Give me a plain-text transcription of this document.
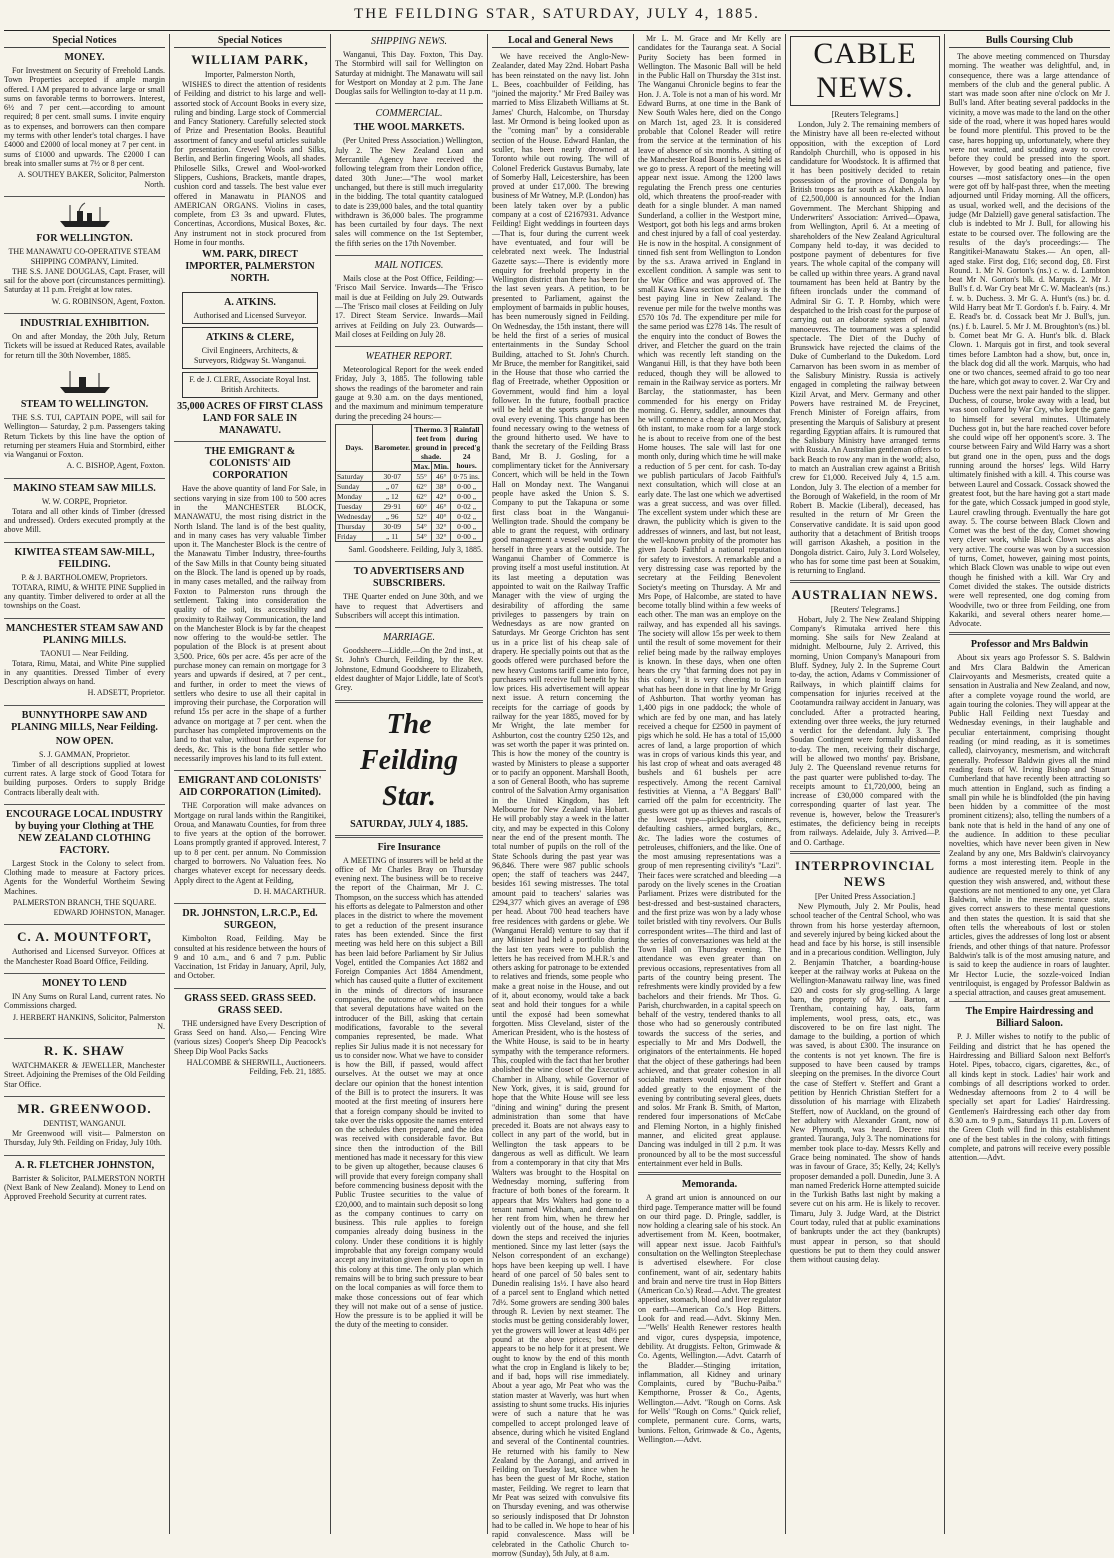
THE FEILDING STAR, SATURDAY, JULY 4, 1885.
Special Notices
MONEY.

For Investment on Security of Freehold Lands. Town Properties accepted if ample margin offered. I AM prepared to advance large or small sums on favorable terms to borrowers. Interest, 6½ and 7 per cent.—according to amount required; 8 per cent. small sums. I invite enquiry as to expenses, and borrowers can then compare my terms with other lender's total charges. I have £4000 and £2000 of local money at 7 per cent. in sums of £1000 and upwards. The £2000 I can break into smaller sums at 7½ or 8 per cent.

A. SOUTHEY BAKER, Solicitor, Palmerston North.
FOR WELLINGTON.
THE MANAWATU CO-OPERATIVE STEAM SHIPPING COMPANY, Limited.

THE S.S. JANE DOUGLAS, Capt. Fraser, will sail for the above port (circumstances permitting). Saturday at 11 p.m. Freight at low rates.

W. G. ROBINSON, Agent, Foxton.
INDUSTRIAL EXHIBITION.

On and after Monday, the 20th July, Return Tickets will be issued at Reduced Rates, available for return till the 30th November, 1885.

STEAM TO WELLINGTON.

THE S.S. TUI, CAPTAIN POPE, will sail for Wellington— Saturday, 2 p.m. Passengers taking Return Tickets by this line have the option of returning per steamers Huia and Stormbird, either via Wanganui or Foxton.

A. C. BISHOP, Agent, Foxton.
MAKINO STEAM SAW MILLS.
W. W. CORPE, Proprietor.

Totara and all other kinds of Timber (dressed and undressed). Orders executed promptly at the above Mill.

KIWITEA STEAM SAW-MILL, FEILDING.
P. & J. BARTHOLOMEW, Proprietors.

TOTARA, RIMU, & WHITE PINE Supplied in any quantity. Timber delivered to order at all the townships on the Coast.

MANCHESTER STEAM SAW AND PLANING MILLS.
TAONUI — Near Feilding.

Totara, Rimu, Matai, and White Pine supplied in any quantities. Dressed Timber of every Description always on hand.

H. ADSETT, Proprietor.
BUNNYTHORPE SAW AND PLANING MILLS, Near Feilding.
NOW OPEN.
S. J. GAMMAN, Proprietor.

Timber of all descriptions supplied at lowest current rates. A large stock of Good Totara for building purposes. Orders to supply Bridge Contracts liberally dealt with.

ENCOURAGE LOCAL INDUSTRY by buying your Clothing at THE NEW ZEALAND CLOTHING FACTORY.

Largest Stock in the Colony to select from. Clothing made to measure at Factory prices. Agents for the Wonderful Wortheim Sewing Machines.

PALMERSTON BRANCH, THE SQUARE.
EDWARD JOHNSTON, Manager.
C. A. MOUNTFORT,

Authorised and Licensed Surveyor. Offices at the Manchester Road Board Office, Feilding.

MONEY TO LEND

IN Any Sums on Rural Land, current rates. No Commissions charged.

J. HERBERT HANKINS, Solicitor, Palmerston N.
R. K. SHAW

WATCHMAKER & JEWELLER, Manchester Street. Adjoining the Premises of the Old Feilding Star Office.

MR. GREENWOOD.
DENTIST, WANGANUI.

Mr Greenwood will visit— Palmerston on Thursday, July 9th. Feilding on Friday, July 10th.

A. R. FLETCHER JOHNSTON,

Barrister & Solicitor, PALMERSTON NORTH (Next Bank of New Zealand). Money to Lend on Approved Freehold Security at current rates.

Special Notices
WILLIAM PARK,
Importer, Palmerston North,

WISHES to direct the attention of residents of Feilding and district to his large and well-assorted stock of Account Books in every size, ruling and binding. Large stock of Commercial and Fancy Stationery. Carefully selected stock of Prize and Presentation Books. Beautiful assortment of fancy and useful articles suitable for presentation. Crewel Wools and Silks, Berlin, and Berlin fingering Wools, all shades. Philoselle Silks, Crewel and Wool-worked Slippers, Cushions, Brackets, mantle drapes, cushion cord and tassels. The best value ever offered in Manawatu in PIANOS and AMERICAN ORGANS. Violins in cases, complete, from £3 3s and upward. Flutes, Concertinas, Accordions, Musical Boxes, &c. Any instrument not in stock procured from Home in four months.

WM. PARK, DIRECT IMPORTER, PALMERSTON NORTH.
A. ATKINS.
Authorised and Licensed Surveyor.
ATKINS & CLERE,
Civil Engineers, Architects, & Surveyors, Ridgway St. Wanganui.
F. de J. CLERE, Associate Royal Inst. British Architects.
35,000 ACRES OF FIRST CLASS LAND FOR SALE IN MANAWATU.
THE EMIGRANT & COLONISTS' AID CORPORATION

Have the above quantity of land For Sale, in sections varying in size from 100 to 500 acres in the MANCHESTER BLOCK, MANAWATU, the most rising district in the North Island. The land is of the best quality, and in many cases has very valuable Timber upon it. The Manchester Block is the centre of the Manawatu Timber Industry, three-fourths of the Saw Mills in that County being situated on the Block. The land is opened up by roads, in many cases metalled, and the railway from Foxton to Palmerston runs through the settlement. Taking into consideration the quality of the soil, its accessibility and proximity to Railway Communication, the land on the Manchester Block is by far the cheapest now offering to the would-be settler. The population of the Block is at present about 3,500. Price, 60s per acre. 45s per acre of the purchase money can remain on mortgage for 3 years and upwards if desired, at 7 per cent., and further, in order to meet the views of settlers who desire to use all their capital in improving their purchase, the Corporation will refund 15s per acre in the shape of a further advance on mortgage at 7 per cent. when the purchaser has completed improvements on the land to that value, without further expense for deeds, &c. This is the bona fide settler who necessarily improves his land to its full extent.

EMIGRANT AND COLONISTS' AID CORPORATION (Limited).

THE Corporation will make advances on Mortgage on rural lands within the Rangitikei, Oroua, and Manawatu Counties, for from three to five years at the option of the borrower. Loans promptly granted if approved. Interest, 7 up to 8 per cent. per annum. No Commission charged to borrowers. No Valuation fees. No charges whatever except for necessary deeds. Apply direct to the Agent at Feilding,

D. H. MACARTHUR.
DR. JOHNSTON, L.R.C.P., Ed. SURGEON,

Kimbolton Road, Feilding. May be consulted at his residence between the hours of 9 and 10 a.m., and 6 and 7 p.m. Public Vaccination, 1st Friday in January, April, July, and October.

GRASS SEED. GRASS SEED. GRASS SEED.

THE undersigned have Every Description of Grass Seed on hand. Also,— Fencing Wire (various sizes) Cooper's Sheep Dip Peacock's Sheep Dip Wool Packs Sacks

HALCOMBE & SHERWILL, Auctioneers. Feilding, Feb. 21, 1885.
SHIPPING NEWS.

Wanganui, This Day. Foxton, This Day. The Stormbird will sail for Wellington on Saturday at midnight. The Manawatu will sail for Westport on Monday at 2 p.m. The Jane Douglas sails for Wellington to-day at 11 p.m.

COMMERCIAL.
THE WOOL MARKETS.

(Per United Press Association.) Wellington, July 2. The New Zealand Loan and Mercantile Agency have received the following telegram from their London office, dated 30th June:—"The wool market unchanged, but there is still much irregularity in the bidding. The total quantity catalogued to date is 239,000 bales, and the total quantity withdrawn is 36,000 bales. The programme has been curtailed by four days. The next sales will commence on the 1st September, the fifth series on the 17th November.

MAIL NOTICES.

Mails close at the Post Office, Feilding:— 'Frisco Mail Service. Inwards—The 'Frisco mail is due at Feilding on July 29. Outwards—The 'Frisco mail closes at Feilding on July 17. Direct Steam Service. Inwards—Mail arrives at Feilding on July 23. Outwards—Mail closes at Feilding on July 28.

WEATHER REPORT.

Meteorological Report for the week ended Friday, July 3, 1885. The following table shows the readings of the barometer and rain gauge at 9.30 a.m. on the days mentioned, and the maximum and minimum temperature during the preceding 24 hours:—

Days.	Barometer.	Thermo. 3 feet from ground in shade.		Rainfall during preced'g 24 hours.
		Max.	Min.	
Saturday	30·07	55°	46°	0·75 ins.
Sunday	„ 07	62°	38°	0·00 „
Monday	„ 12	62°	42°	0·00 „
Tuesday	29·91	60°	46°	0·02 „
Wednesday	„ 96	52°	40°	0·02 „
Thursday	30·09	54°	32°	0·00 „
Friday	„ 11	54°	32°	0·00 „
Saml. Goodsheere. Feilding, July 3, 1885.
TO ADVERTISERS AND SUBSCRIBERS.

THE Quarter ended on June 30th, and we have to request that Advertisers and Subscribers will accept this intimation.

MARRIAGE.

Goodsheere—Liddle.—On the 2nd inst., at St. John's Church, Feilding, by the Rev. Johnstone, Edmund Goodsheere to Elizabeth, eldest daughter of Major Liddle, late of Scot's Grey.

The Feilding Star.
SATURDAY, JULY 4, 1885.
Fire Insurance

A MEETING of insurers will be held at the office of Mr Charles Bray on Thursday evening next. The business will be to receive the report of the Chairman, Mr J. C. Thompson, on the success which has attended his efforts as delegate to Palmerston and other places in the district to where the movement to get a reduction of the present insurance rates has been extended. Since the first meeting was held here on this subject a Bill has been laid before Parliament by Sir Julius Vogel, entitled the Companies Act 1882 and Foreign Companies Act 1884 Amendment, which has caused quite a flutter of excitement in the minds of directors of insurance companies, the outcome of which has been that several deputations have waited on the introducer of the Bill, asking that certain modifications, favorable to the several companies represented, be made. What replies Sir Julius made it is not necessary for us to consider now. What we have to consider is how the Bill, if passed, would affect ourselves. At the outset we may at once declare our opinion that the honest intention of the Bill is to protect the insurers. It was mooted at the first meeting of insurers here that a foreign company should be invited to take over the risks opposite the names entered on the schedules then prepared, and the idea was received with considerable favor. But since then the introduction of the Bill mentioned has made it necessary for this view to be given up altogether, because clauses 6 will provide that every foreign company shall before commencing business deposit with the Public Trustee securities to the value of £20,000, and to maintain such deposit so long as the company continues to carry on business. This rule applies to foreign companies already doing business in the colony. Under these conditions it is highly improbable that any foreign company would accept any invitation given from us to open in this colony at this time. The only plan which remains will be to bring such pressure to bear on the local companies as will force them to make those concessions out of fear which they will not make out of a sense of justice. How the pressure is to be applied it will be the duty of the meeting to consider.

Local and General News

We have received the Anglo-New-Zealander, dated May 22nd. Hobart Pasha has been reinstated on the navy list. John L. Bees, coachbuilder of Feilding, has "joined the majority." Mr Fred Bailey was married to Miss Elizabeth Williams at St. James' Church, Halcombe, on Thursday last. Mr Ormond is being looked upon as the "coming man" by a considerable section of the House. Edward Hanlan, the sculler, has been nearly drowned at Toronto while out rowing. The will of Colonel Frederick Gustavus Burnaby, late of Somerby Hall, Leicestershire, has been proved at under £17,000. The brewing business of Mr Watney, M.P. (London) has been lately taken over by a public company at a cost of £2167931. Advance Feilding! Eight weddings in fourteen days—That is, four during the current week have eventuated, and four will be celebrated next week. The Industrial Gazette says:—There is evidently more enquiry for freehold property in the Wellington district than there has been for the last seven years. A petition, to be presented to Parliament, against the employment of barmaids in public houses, has been numerously signed in Feilding. On Wednesday, the 15th instant, there will be held the first of a series of musical entertainments in the Sunday School Building, attached to St. John's Church. Mr Bruce, the member for Rangitikei, said in the House that those who carried the flag of Freetrade, whether Opposition or Government, would find him a loyal follower. In the future, football practice will be held at the sports ground on the oval every evening. This change has been found necessary owing to the wetness of the ground hitherto used. We have to thank the secretary of the Feilding Brass Band, Mr B. J. Gosling, for a complimentary ticket for the Anniversary Concert, which will be held in the Town Hall on Monday next. The Wanganui people have asked the Union S. S. Company to put the Takapuna or some first class boat in the Wanganui-Wellington trade. Should the company be able to grant the request, with ordinary good management a vessel would pay for herself in three years at the outside. The Wanganui Chamber of Commerce is proving itself a most useful institution. At its last meeting a deputation was appointed to wait on the Railway Traffic Manager with the view of urging the desirability of affording the same privileges to passengers by train on Wednesdays as are now granted on Saturdays. Mr George Crichton has sent us in a price list of his cheap sale of drapery. He specially points out that as the goods offered were purchased before the new heavy Customs tariff came into force, purchasers will receive full benefit by his low prices. His advertisement will appear next issue. A return concerning the receipts for the carriage of goods by railway for the year 1885, moved for by Mr Wright, the late member for Ashburton, cost the country £250 12s, and was set worth the paper it was printed on. This is how the money of the country is wasted by Ministers to please a supporter or to pacify an opponent. Marshall Booth, a son of General Booth, who has supreme control of the Salvation Army organisation in the United Kingdom, has left Melbourne for New Zealand via Hobart. He will probably stay a week in the latter city, and may be expected in this Colony near the end of the present month. The total number of pupils on the roll of the State Schools during the past year was 96,846. There were 987 public schools open; the staff of teachers was 2447, besides 161 sewing mistresses. The total amount paid to teachers' salaries was £294,377 which gives an average of £98 per head. About 700 head teachers have free residences with gardens or glebe. We (Wanganui Herald) venture to say that if any Minister had held a portfolio during the last ten years were to publish the letters he has received from M.H.R.'s and others asking for patronage to be extended to relatives and friends, some people who make a great noise in the House, and out of it, about economy, would take a back seat and hold their tongues for a while until the exposé had been somewhat forgotten. Miss Cleveland, sister of the American President, who is the hostess of the White House, is said to be in hearty sympathy with the temperance reformers. This, coupled with the fact that her brother abolished the wine closet of the Executive Chamber in Albany, while Governor of New York, gives, it is said, ground for hope that the White House will see less "dining and wining" during the present administration than some that have preceded it. Boats are not always easy to collect in any part of the world, but in Wellington the task appears to be dangerous as well as difficult. We learn from a contemporary in that city that Mrs Walters was brought to the Hospital on Wednesday morning, suffering from fracture of both bones of the forearm. It appears that Mrs Walters had gone to a tenant named Wickham, and demanded her rent from him, when he threw her violently out of the house, and she fell down the steps and received the injuries mentioned. Since my last letter (says the Nelson correspondent of an exchange) hops have been keeping up well. I have heard of one parcel of 50 bales sent to Dunedin realising 1s½. I have also heard of a parcel sent to England which netted 7d½. Some growers are sending 300 bales through R. Levien by next steamer. The stocks must be getting considerably lower, yet the growers will lower at least 4d½ per pound at the above prices; but there appears to be no help for it at present. We ought to know by the end of this month what the crop in England is likely to be; and if bad, hops will rise immediately. About a year ago, Mr Peat who was the station master at Waverly, was hurt when assisting to shunt some trucks. His injuries were of such a nature that he was compelled to accept prolonged leave of absence, during which he visited England and several of the Continental countries. He returned with his family to New Zealand by the Aorangi, and arrived in Feilding on Tuesday last, since when he has been the guest of Mr Roche, station master, Feilding. We regret to learn that Mr Peat was seized with convulsive fits on Thursday evening, and was otherwise so seriously indisposed that Dr Johnston had to be called in. We hope to hear of his rapid convalescence. Mass will be celebrated in the Catholic Church to-morrow (Sunday), 5th July, at 8 a.m.

Mr L. M. Grace and Mr Kelly are candidates for the Tauranga seat. A Social Purity Society has been formed in Wellington. The Masonic Ball will be held in the Public Hall on Thursday the 31st inst. The Wanganui Chronicle begins to fear the Hon. J. A. Tole is not a man of his word. Mr Edward Burns, at one time in the Bank of New South Wales here, died on the Congo on March 1st, aged 23. It is considered probable that Colonel Reader will retire from the service at the termination of his leave of absence of six months. A sitting of the Manchester Road Board is being held as we go to press. A report of the meeting will appear next issue. Among the 1200 laws regulating the French press one centuries old, which threatens the proof-reader with death for a single blunder. A man named Sunderland, a collier in the Westport mine, Westport, got both his legs and arms broken and chest injured by a fall of coal yesterday. He is now in the hospital. A consignment of tinned fish sent from Wellington to London by the s.s. Arawa arrived in England in excellent condition. A sample was sent to the War Office and was approved of. The small Kawa Kawa section of railway is the best paying line in New Zealand. The revenue per mile for the twelve months was £570 10s 7d. The expenditure per mile for the same period was £278 14s. The result of the enquiry into the conduct of Bowes the driver, and Fletcher the guard on the train which was recently left standing on the Wanganui Hill, is that they have both been reduced, though they will be allowed to remain in the Railway service as porters. Mr Barclay, the stationmaster, has been commended for his energy on Friday morning. G. Henry, saddler, announces that he will commence a cheap sale on Monday, 6th instant, to make room for a large stock he is about to receive from one of the best Home houses. The sale will last for one month only, during which time he will make a reduction of 5 per cent. for cash. To-day we publish particulars of Jacob Faithful's next consultation, which will close at an early date. The last one which we advertised was a great success, and was over filled. The excellent system under which these are drawn, the publicity which is given to the addresses of winners, and last, but not least, the well-known probity of the promoter has given Jacob Faithful a national reputation for safety to investors. A remarkable and a very distressing case was reported by the secretary at the Feilding Benevolent Society's meeting on Thursday. A Mr and Mrs Pope, of Halcombe, are stated to have become totally blind within a few weeks of each other. The man was an employe on the railway, and has expended all his savings. The society will allow 15s per week to them until the result of some movement for their relief being made by the railway employes is known. In these days, when one often hears the cry "that farming does not pay in this colony," it is very cheering to learn what has been done in that line by Mr Grigg of Ashburton. That worthy yeoman has 1,400 pigs in one paddock; the whole of which are fed by one man, and has lately received a cheque for £2500 in payment of pigs which he sold. He has a total of 15,000 acres of land, a large proportion of which was in crops of various kinds this year, and his last crop of wheat and oats averaged 48 bushels and 61 bushels per acre respectively. Among the recent Carnival festivities at Vienna, a "A Beggars' Ball" carried off the palm for eccentricity. The guests were got up as thieves and rascals of the lowest type—pickpockets, coiners, defaulting cashiers, armed burglars, &c., &c. The ladies wore the costumes of petroleuses, chiffoniers, and the like. One of the most amusing representations was a group of men representing civility's "Lazi". Their faces were scratched and bleeding —a parody on the lively scenes in the Croatian Parliament. Prizes were distributed for the best-dressed and best-sustained characters, and the first prize was won by a lady whose toilet bristled with tiny revolvers. Our Bulls correspondent writes—The third and last of the series of conversaziones was held at the Town Hall on Thursday evening. The attendance was even greater than on previous occasions, representatives from all parts of the country being present. The refreshments were kindly provided by a few bachelors and their friends. Mr Thos. G. Parish, churchwarden, in a capital speech on behalf of the vestry, tendered thanks to all those who had so generously contributed towards the success of the series, and especially to Mr and Mrs Dodwell, the originators of the entertainments. He hoped that the object of these gatherings had been achieved, and that greater cohesion in all sociable matters would ensue. The choir added greatly to the enjoyment of the evening by contributing several glees, duets and solos. Mr Frank B. Smith, of Marton, rendered four impersonations of McCabe and Fleming Norton, in a highly finished manner, and elicited great applause. Dancing was indulged in till 2 p.m. It was pronounced by all to be the most successful entertainment ever held in Bulls.

Memoranda.

A grand art union is announced on our third page. Temperance matter will be found on our third page. D. Pringle, saddler, is now holding a clearing sale of his stock. An advertisement from M. Keen, bootmaker, will appear next issue. Jacob Faithful's consultation on the Wellington Steeplechase is advertised elsewhere. For close confinement, want of air, sedentary habits and brain and nerve tire trust in Hop Bitters (American Co.'s) Read.—Advt. The greatest appetiser, stomach, blood and liver regulator on earth—American Co.'s Hop Bitters. Look for and read.—Advt. Skinny Men.—"Wells' Health Renewer restores health and vigor, cures dyspepsia, impotence, debility. At druggists. Felton, Grimwade & Co. Agents, Wellington.—Advt. Catarrh of the Bladder.—Stinging irritation, inflammation, all Kidney and urinary Complaints, cured by "Buchu-Paiba." Kempthorne, Prosser & Co., Agents, Wellington.—Advt. "Rough on Corns. Ask for Wells' "Rough on Corns." Quick relief, complete, permanent cure. Corns, warts, bunions. Felton, Grimwade & Co., Agents, Wellington.—Advt.

CABLE NEWS.
[Reuters Telegrams.]

London, July 2. The remaining members of the Ministry have all been re-elected without opposition, with the exception of Lord Randolph Churchill, who is opposed in his candidature for Woodstock. It is affirmed that it has been positively decided to retain possession of the province of Dongola by British troops as far south as Akaheh. A loan of £2,500,000 is announced for the Indian Government. The Merchant Shipping and Underwriters' Association: Arrived—Opawa, from Wellington, April 6. At a meeting of shareholders of the New Zealand Agricultural Company held to-day, it was decided to postpone payment of debentures for five years. The whole capital of the company will be called up within three years. A grand naval tournament has been held at Bantry by the fifteen ironclads under the command of Admiral Sir G. T. P. Hornby, which were despatched to the Irish coast for the purpose of carrying out an elaborate system of naval manoeuvres. The tournament was a splendid spectacle. The Diet of the Duchy of Brunswick have rejected the claims of the Duke of Cumberland to the Dukedom. Lord Carnarvon has been sworn in as member of the Salisbury Ministry. Russia is actively engaged in completing the railway between Kizil Arvat, and Merv. Germany and other Powers have restrained M. de Freycinet, French Minister of Foreign affairs, from presenting the Marquis of Salisbury at present regarding Egyptian affairs. It is rumoured that the Salisbury Ministry have arranged terms with Russia. An Australian gentleman offers to back Beach to row any man in the world; also, to match an Australian crew against a British crew for £1,000. Received July 4, 1.5 a.m. London, July 3. The election of a member for the Borough of Wakefield, in the room of Mr Robert B. Mackie (Liberal), deceased, has resulted in the return of Mr Green the Conservative candidate. It is said upon good authority that a detachment of British troops will garrison Akasheh, a position in the Dongola district. Cairo, July 3. Lord Wolseley, who has for some time past been at Souakim, is returning to England.

AUSTRALIAN NEWS.
[Reuters' Telegrams.]

Hobart, July 2. The New Zealand Shipping Company's Rimutaka arrived here this morning. She sails for New Zealand at midnight. Melbourne, July 2. Arrived, this morning, Union Company's Manapouri from Bluff. Sydney, July 2. In the Supreme Court to-day, the action, Adams v Commissioner of Railways, in which plaintiff claims for compensation for injuries received at the Cootamundra railway accident in January, was concluded. After a protracted hearing, extending over three weeks, the jury returned a verdict for the defendant. July 3. The Soudan Contingent were formally disbanded to-day. The men, receiving their discharge, will be allowed two months' pay. Brisbane, July 2. The Queensland revenue returns for the past quarter were published to-day. The receipts amount to £1,720,000, being an increase of £30,000 compared with the corresponding quarter of last year. The revenue is, however, below the Treasurer's estimates, the deficiency being in receipts from railways. Adelaide, July 3. Arrived—P. and O. Carthage.

INTERPROVINCIAL NEWS
[Per United Press Association.]

New Plymouth, July 2. Mr Poulis, head school teacher of the Central School, who was thrown from his horse yesterday afternoon, and severely injured by being kicked about the head and face by his horse, is still insensible and in a precarious condition. Wellington, July 2. Benjamin Thatcher, a boarding-house keeper at the railway works at Pukeaa on the Wellington-Manawatu railway line, was fined £20 and costs for sly grog-selling. A large barn, the property of Mr J. Barton, at Trentham, containing hay, oats, farm implements, wool press, oats, etc., was discovered to be on fire last night. The damage to the building, a portion of which was saved, is about £300. The insurance on the contents is not yet known. The fire is supposed to have been caused by tramps sleeping on the premises. In the divorce Court the case of Steffert v. Steffert and Grant a petition by Henrich Christian Steffert for a dissolution of his marriage with Elizabeth Steffert, now of Auckland, on the ground of her adultery with Alexander Grant, now of New Plymouth, was heard. Decree nisi granted. Tauranga, July 3. The nominations for member took place to-day. Messrs Kelly and Grace being nominated. The show of hands was in favour of Grace, 35; Kelly, 24; Kelly's proposer demanded a poll. Dunedin, June 3. A man named Frederick Horne attempted suicide in the Turkish Baths last night by making a severe cut on his arm. He is likely to recover. Timaru, July 3. Judge Ward, at the District Court today, ruled that at public examinations of bankrupts under the act they (bankrupts) must appear in person, so that should questions be put to them they could answer them without causing delay.

Bulls Coursing Club

The above meeting commenced on Thursday morning. The weather was delightful, and, in consequence, there was a large attendance of members of the club and the general public. A start was made soon after nine o'clock on Mr J. Bull's land. After beating several paddocks in the vicinity, a move was made to the land on the other side of the road, where it was hoped hares would be found more plentiful. This proved to be the case, hares hopping up, unfortunately, where they were not wanted, and scudding away to cover before they could be pressed into the sport. However, by good beating and patience, five courses —most satisfactory ones—in the open were got off by half-past three, when the meeting adjourned until Friday morning. All the officers, as usual, worked well, and the decisions of the judge (Mr Dalziell) gave general satisfaction. The club is indebted to Mr J. Bull, for allowing his estate to be coursed over. The following are the results of the day's proceedings:— The Rangitikei-Manawatu Stakes.— An open, all-aged stake. First dog, £16; second dog, £8. First Round. 1. Mr N. Gorton's (ns.) c. w. d. Lambton beat Mr N. Gorton's blk. d. Marquis. 2. Mr J. Bull's f. d. War Cry beat Mr C. W. Maclean's (ns.) f. w. b. Duchess. 3. Mr G. A. Hunt's (ns.) br. d. Wild Harry beat Mr T. Gordon's f. b. Fairy. 4. Mr E. Read's br. d. Cossack beat Mr J. Bull's, jun. (ns.) f. b. Laurel. 5. Mr J. M. Broughton's (ns.) bl. b. Comet beat Mr G. A. Hunt's blk. d. Black Clown. 1. Marquis got in first, and took several times before Lambton had a show, but, once in, the black dog did all the work. Marquis, who had one or two chances, seemed afraid to go too near the hare, which got away to cover. 2. War Cry and Duchess were the next pair handed to the slipper. Duchess, of course, broke away with a lead, but was soon collared by War Cry, who kept the game to himself for several minutes. Ultimately Duchess got in, but the hare reached cover before she could wipe off her opponent's score. 3. The course between Fairy and Wild Harry was a short but grand one in the open, puss and the dogs running around the horses' legs. Wild Harry ultimately finished with a kill. 4. This course was between Laurel and Cossack. Cossack showed the greatest foot, but the hare having got a start made for the gate, which Cossack jumped in good style, Laurel crawling through. Eventually the hare got away. 5. The course between Black Clown and Comet was the best of the day, Comet showing very clever work, while Black Clown was also very active. The course was won by a succession of turns, Comet, however, gaining most points, which Black Clown was unable to wipe out even though he finished with a kill. War Cry and Comet divided the stakes. The outside districts were well represented, one dog coming from Woodville, two or three from Feilding, one from Kakariki, and several others nearer home.—Advocate.

Professor and Mrs Baldwin

About six years ago Professor S. S. Baldwin and Mrs Clara Baldwin the American Clairvoyants and Mesmerists, created quite a sensation in Australia and New Zealand, and now, after a complete voyage round the world, are again touring the colonies. They will appear at the Public Hall Feilding next Tuesday and Wednesday evenings, in their laughable and peculiar entertainment, comprising thought reading (or mind reading, as it is sometimes called), clairvoyancy, mesmerism, and witchcraft generally. Professor Baldwin gives all the mind reading feats of W. Irving Bishop and Stuart Cumberland that have recently been attracting so much attention in England, such as finding a small pin while he is blindfolded (the pin having been hidden by a committee of the most prominent citizens); also, telling the numbers of a bank note that is held in the hand of any one of the audience. In addition to these peculiar novelties, which have never been given in New Zealand by any one, Mrs Baldwin's clairvoyancy forms a most interesting item. People in the audience are requested merely to think of any question they wish answered, and, without these questions are not mentioned to any one, yet Clara Baldwin, while in the mesmeric trance state, gives correct answers to these mental questions and then states the question. It is said that she often tells the whereabouts of lost or stolen articles, gives the addresses of long lost or absent friends, and other things of that nature. Professor Baldwin's talk is of the most amusing nature, and is said to keep the audience in roars of laughter. Mr Hector Lucie, the sozzle-voiced Indian ventriloquist, is engaged by Professor Baldwin as a special attraction, and causes great amusement.

The Empire Hairdressing and Billiard Saloon.

P. J. Miller wishes to notify to the public of Feilding and district that he has opened the Hairdressing and Billiard Saloon next Belfort's Hotel. Pipes, tobacco, cigars, cigarettes, &c., of all kinds kept in stock. Ladies' hair work and combings of all descriptions worked to order. Wednesday afternoons from 2 to 4 will be specially set apart for Ladies' Hairdressing. Gentlemen's Hairdressing each other day from 8.30 a.m. to 9 p.m., Saturdays 11 p.m. Lovers of the Green Cloth will find in this establishment one of the best tables in the colony, with fittings complete, and patrons will receive every possible attention.—Advt.
